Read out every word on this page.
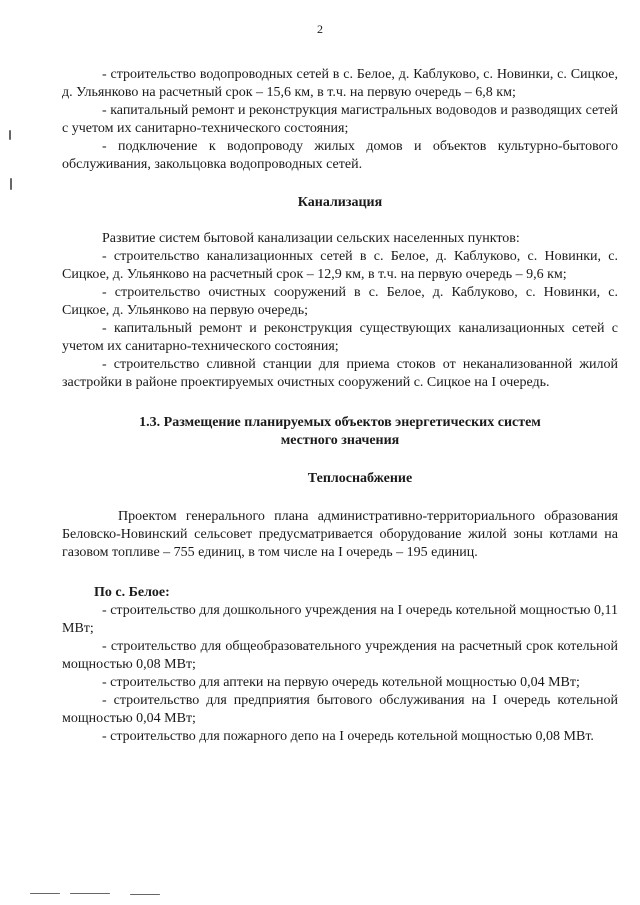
2

- строительство водопроводных сетей в с. Белое, д. Каблуково, с. Новинки, с. Сицкое, д. Ульянково на расчетный срок – 15,6 км, в т.ч. на первую очередь – 6,8 км;

- капитальный ремонт и реконструкция магистральных водоводов и разводящих сетей с учетом их санитарно-технического состояния;

- подключение к водопроводу жилых домов и объектов культурно-бытового обслуживания, закольцовка водопроводных сетей.

Канализация

Развитие систем бытовой канализации сельских населенных пунктов:

- строительство канализационных сетей в с. Белое, д. Каблуково, с. Новинки, с. Сицкое, д. Ульянково на расчетный срок – 12,9 км, в т.ч. на первую очередь – 9,6 км;

- строительство очистных сооружений в с. Белое, д. Каблуково, с. Новинки, с. Сицкое, д. Ульянково на первую очередь;

- капитальный ремонт и реконструкция существующих канализационных сетей с учетом их санитарно-технического состояния;

- строительство сливной станции для приема стоков от неканализованной жилой застройки в районе проектируемых очистных сооружений с. Сицкое на I очередь.

1.3. Размещение планируемых объектов энергетических систем
местного значения

Теплоснабжение

Проектом генерального плана административно-территориального образования Беловско-Новинский сельсовет предусматривается оборудование жилой зоны котлами на газовом топливе – 755 единиц, в том числе на I очередь – 195 единиц.

По с. Белое:

- строительство для дошкольного учреждения на I очередь котельной мощностью 0,11 МВт;

- строительство для общеобразовательного учреждения на расчетный срок котельной мощностью 0,08 МВт;

- строительство для аптеки на первую очередь котельной мощностью 0,04 МВт;

- строительство для предприятия бытового обслуживания на I очередь котельной мощностью 0,04 МВт;

- строительство для пожарного депо на I очередь котельной мощностью 0,08 МВт.
